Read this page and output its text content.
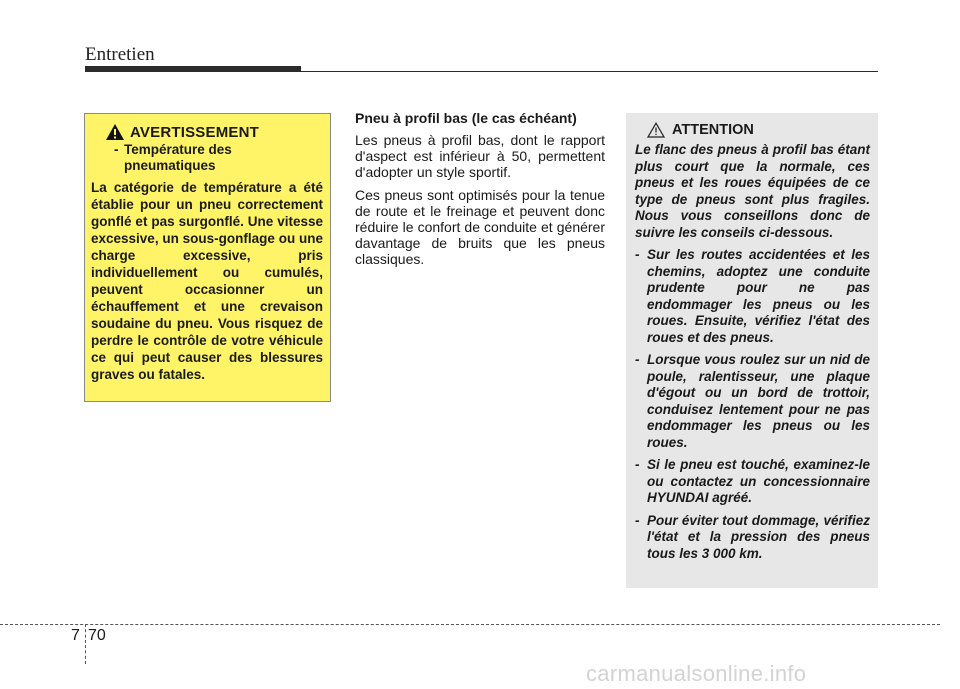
Entretien
AVERTISSEMENT
- Température des pneumatiques
La catégorie de température a été établie pour un pneu correctement gonflé et pas surgonflé. Une vitesse excessive, un sous-gonflage ou une charge excessive, pris individuellement ou cumulés, peuvent occasionner un échauffement et une crevaison soudaine du pneu. Vous risquez de perdre le contrôle de votre véhicule ce qui peut causer des blessures graves ou fatales.

Pneu à profil bas (le cas échéant)

Les pneus à profil bas, dont le rapport d'aspect est inférieur à 50, permettent d'adopter un style sportif.

Ces pneus sont optimisés pour la tenue de route et le freinage et peuvent donc réduire le confort de conduite et générer davantage de bruits que les pneus classiques.

ATTENTION
Le flanc des pneus à profil bas étant plus court que la normale, ces pneus et les roues équipées de ce type de pneus sont plus fragiles. Nous vous conseillons donc de suivre les conseils ci-dessous.
- Sur les routes accidentées et les chemins, adoptez une conduite prudente pour ne pas endommager les pneus ou les roues. Ensuite, vérifiez l'état des roues et des pneus.
- Lorsque vous roulez sur un nid de poule, ralentisseur, une plaque d'égout ou un bord de trottoir, conduisez lentement pour ne pas endommager les pneus ou les roues.
- Si le pneu est touché, examinez-le ou contactez un concessionnaire HYUNDAI agréé.
- Pour éviter tout dommage, vérifiez l'état et la pression des pneus tous les 3 000 km.
7 70
carmanualsonline.info
